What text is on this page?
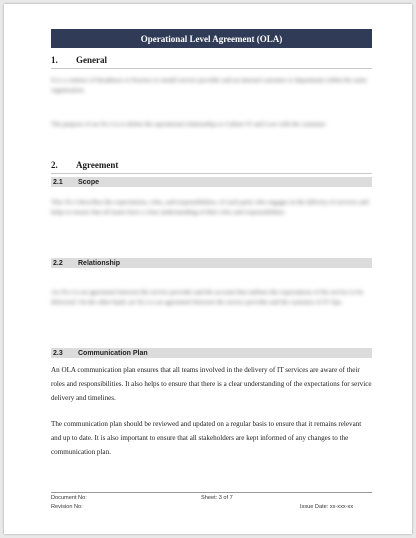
Operational Level Agreement (OLA)
1.	General
It is a contract of Readiness or Practice to install service provider and an internal customer or department within the same organization.
The purpose of an OLA is to define the operational relationship so Culture IT and Lore with the customer.
2.	Agreement
2.1	Scope
This OLA describes the expectations, roles, and responsibilities, of each party who engages in the delivery of services and helps to ensure that all teams have a clear understanding of their roles and responsibilities.
2.2	Relationship
An OLA is an agreement between the service provider and the account that outlines the expectations of the service to be delivered. On the other hand, an OLA is an agreement between the service provider and the customer of IT Ops.
2.3	Communication Plan
An OLA communication plan ensures that all teams involved in the delivery of IT services are aware of their roles and responsibilities. It also helps to ensure that there is a clear understanding of the expectations for service delivery and timelines.
The communication plan should be reviewed and updated on a regular basis to ensure that it remains relevant and up to date. It is also important to ensure that all stakeholders are kept informed of any changes to the communication plan.
Document No:
Revision No:
Sheet: 3 of 7
Issue Date: xx-xxx-xx
